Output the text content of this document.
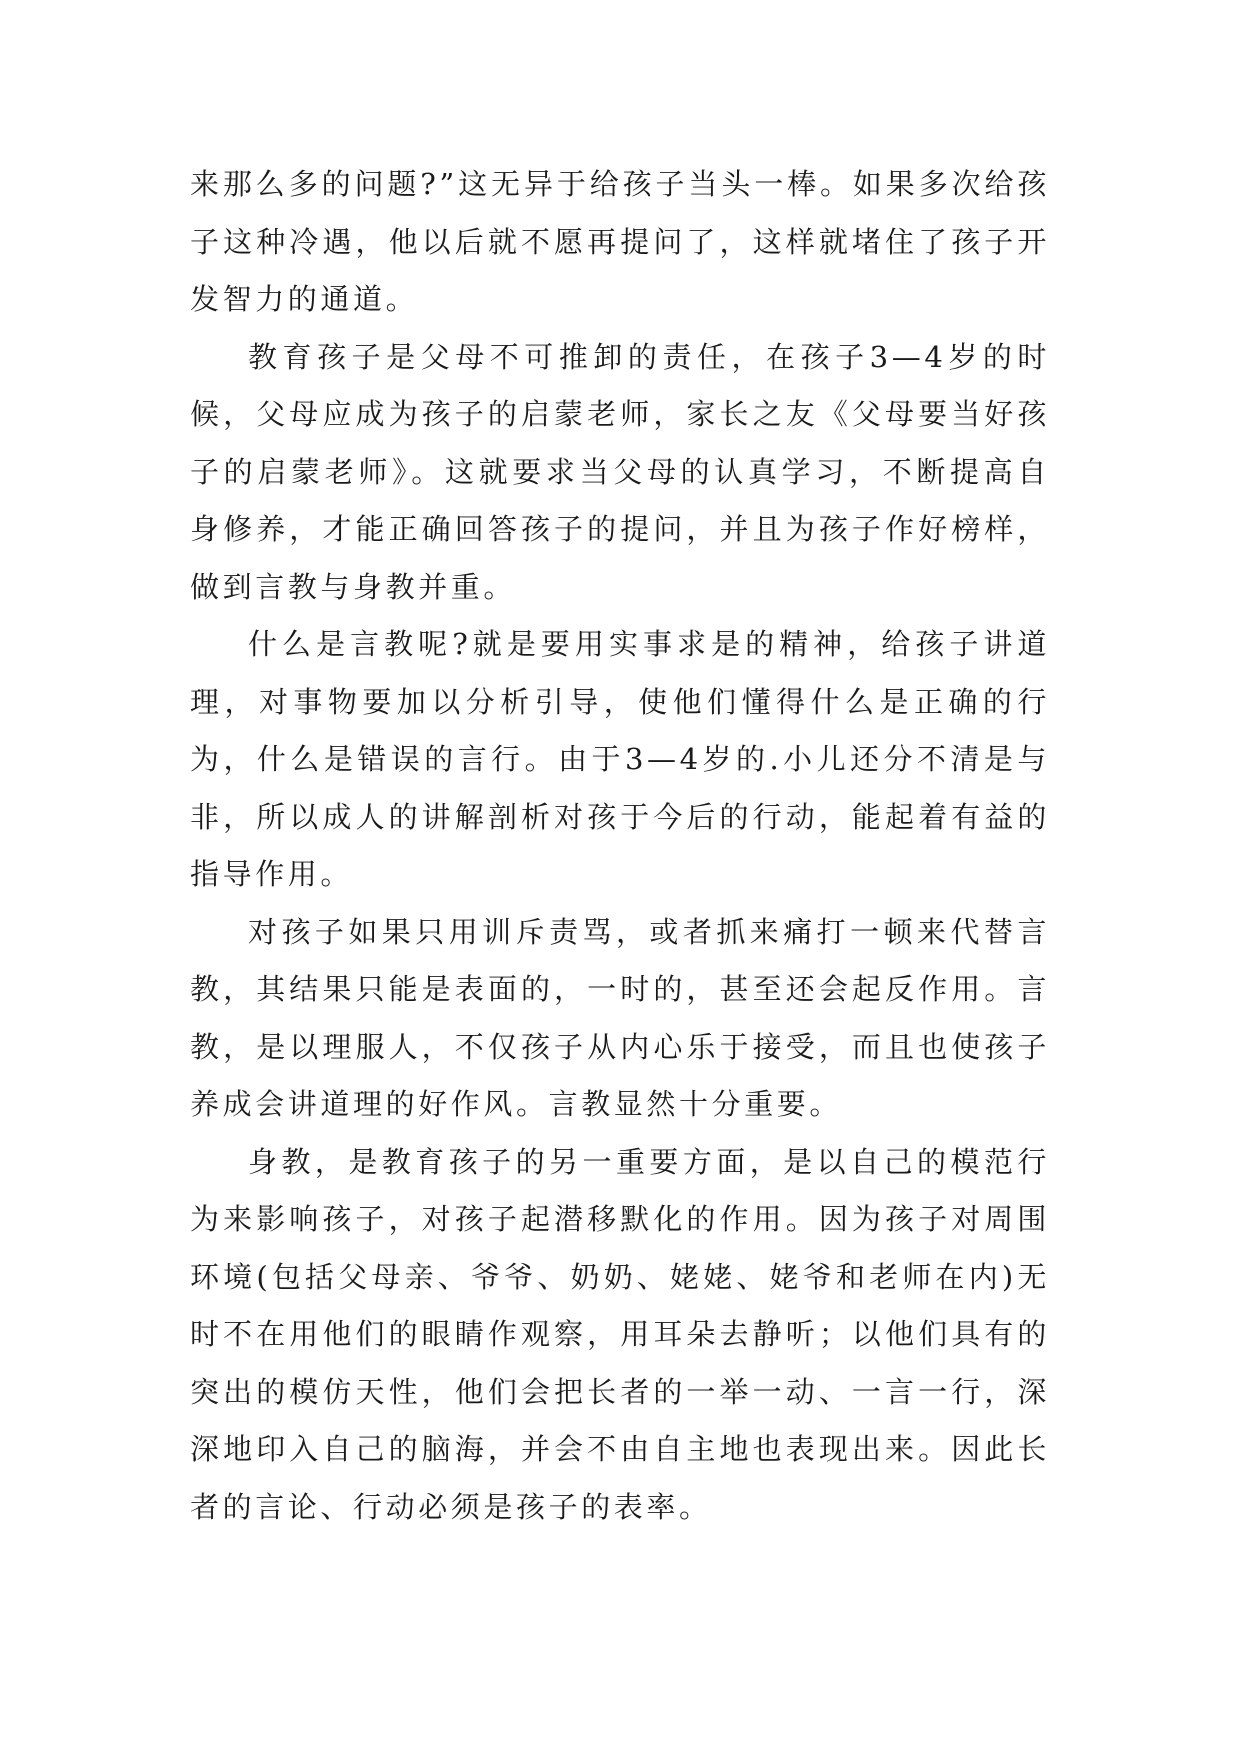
来那么多的问题?”这无异于给孩子当头一棒。如果多次给孩子这种冷遇，他以后就不愿再提问了，这样就堵住了孩子开发智力的通道。

教育孩子是父母不可推卸的责任，在孩子3—4岁的时候，父母应成为孩子的启蒙老师，家长之友《父母要当好孩子的启蒙老师》。这就要求当父母的认真学习，不断提高自身修养，才能正确回答孩子的提问，并且为孩子作好榜样，做到言教与身教并重。

什么是言教呢?就是要用实事求是的精神，给孩子讲道理，对事物要加以分析引导，使他们懂得什么是正确的行为，什么是错误的言行。由于3—4岁的.小儿还分不清是与非，所以成人的讲解剖析对孩于今后的行动，能起着有益的指导作用。

对孩子如果只用训斥责骂，或者抓来痛打一顿来代替言教，其结果只能是表面的，一时的，甚至还会起反作用。言教，是以理服人，不仅孩子从内心乐于接受，而且也使孩子养成会讲道理的好作风。言教显然十分重要。

身教，是教育孩子的另一重要方面，是以自己的模范行为来影响孩子，对孩子起潜移默化的作用。因为孩子对周围环境(包括父母亲、爷爷、奶奶、姥姥、姥爷和老师在内)无时不在用他们的眼睛作观察，用耳朵去静听；以他们具有的突出的模仿天性，他们会把长者的一举一动、一言一行，深深地印入自己的脑海，并会不由自主地也表现出来。因此长者的言论、行动必须是孩子的表率。
